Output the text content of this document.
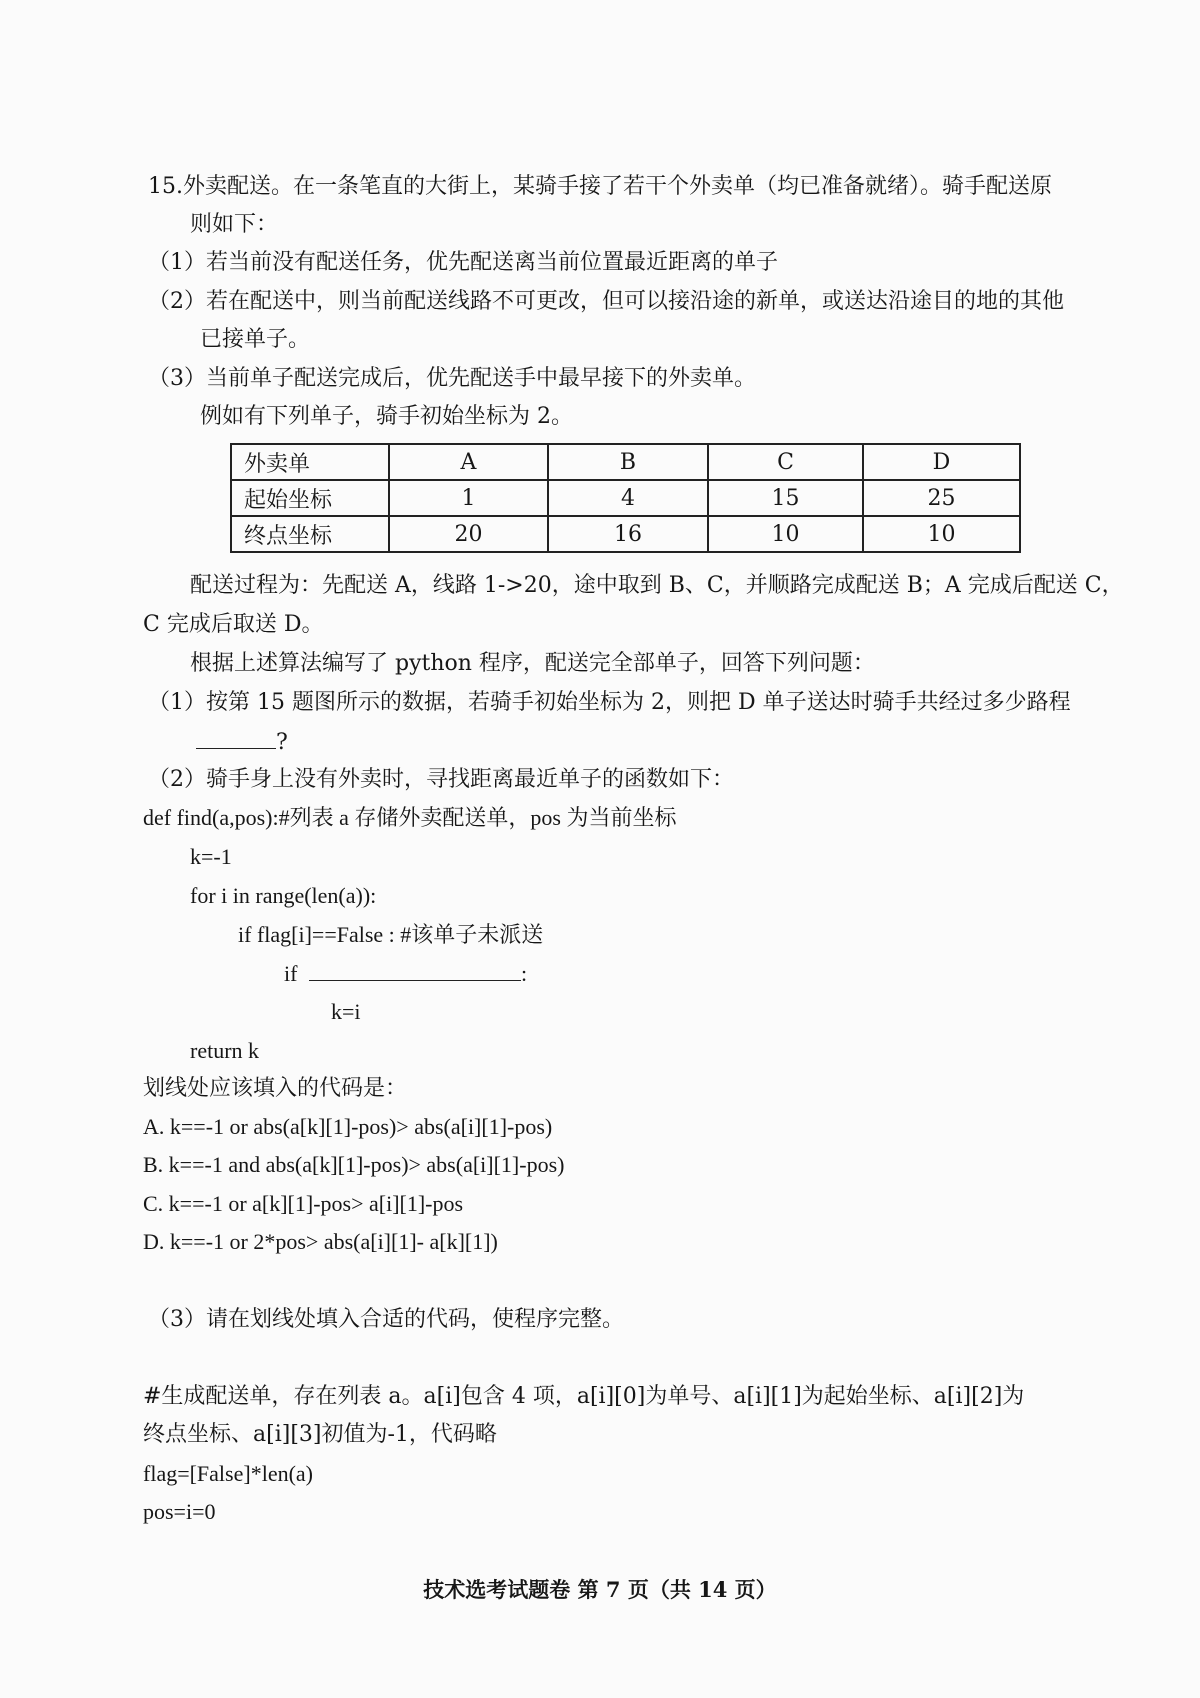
15.外卖配送。在一条笔直的大街上，某骑手接了若干个外卖单（均已准备就绪）。骑手配送原
则如下：
（1）若当前没有配送任务，优先配送离当前位置最近距离的单子
（2）若在配送中，则当前配送线路不可更改，但可以接沿途的新单，或送达沿途目的地的其他
已接单子。
（3）当前单子配送完成后，优先配送手中最早接下的外卖单。
例如有下列单子，骑手初始坐标为 2。
外卖单	A	B	C	D
起始坐标	1	4	15	25
终点坐标	20	16	10	10
配送过程为：先配送 A，线路 1->20，途中取到 B、C，并顺路完成配送 B；A 完成后配送 C，
C 完成后取送 D。
根据上述算法编写了 python 程序，配送完全部单子，回答下列问题：
（1）按第 15 题图所示的数据，若骑手初始坐标为 2，则把 D 单子送达时骑手共经过多少路程
?
（2）骑手身上没有外卖时，寻找距离最近单子的函数如下：
def find(a,pos):#列表 a 存储外卖配送单，pos 为当前坐标
k=-1
for i in range(len(a)):
if flag[i]==False : #该单子未派送
if	:
k=i
return k
划线处应该填入的代码是：
A. k==-1 or abs(a[k][1]-pos)> abs(a[i][1]-pos)
B. k==-1 and abs(a[k][1]-pos)> abs(a[i][1]-pos)
C. k==-1 or a[k][1]-pos> a[i][1]-pos
D. k==-1 or 2*pos> abs(a[i][1]- a[k][1])
（3）请在划线处填入合适的代码，使程序完整。
#生成配送单，存在列表 a。a[i]包含 4 项，a[i][0]为单号、a[i][1]为起始坐标、a[i][2]为
终点坐标、a[i][3]初值为-1，代码略
flag=[False]*len(a)
pos=i=0
技术选考试题卷 第 7 页（共 14 页）
